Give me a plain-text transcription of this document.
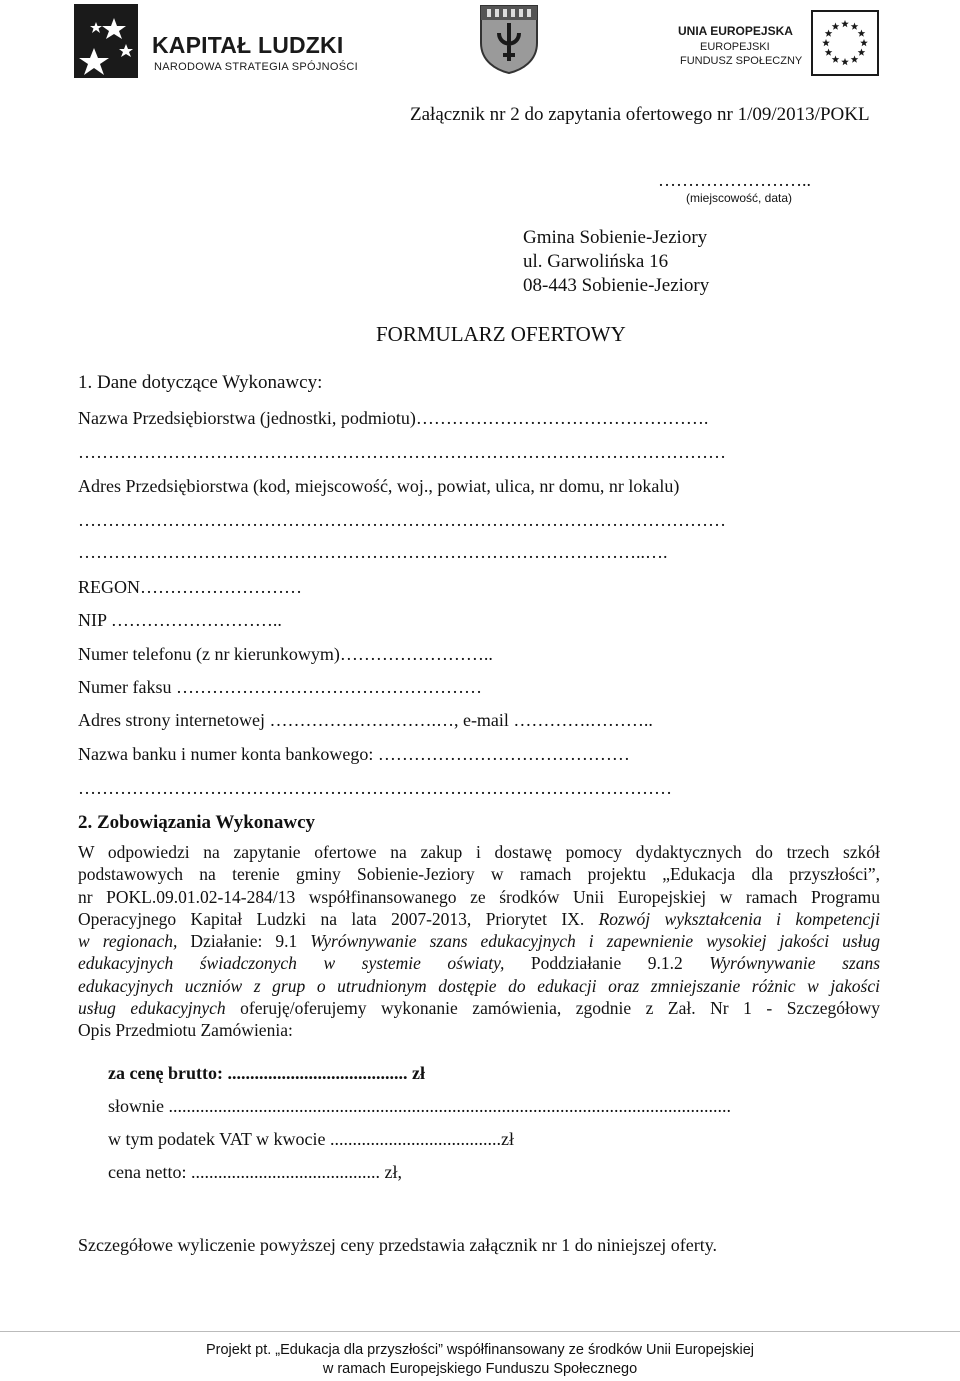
KAPITAŁ LUDZKI
NARODOWA STRATEGIA SPÓJNOŚCI
UNIA EUROPEJSKA
EUROPEJSKI
FUNDUSZ SPOŁECZNY
Załącznik nr 2 do zapytania ofertowego nr 1/09/2013/POKL
……………………..
(miejscowość, data)
Gmina Sobienie-Jeziory
ul. Garwolińska 16
08-443 Sobienie-Jeziory
FORMULARZ OFERTOWY
1. Dane dotyczące Wykonawcy:
Nazwa Przedsiębiorstwa (jednostki, podmiotu)………………………………………….
………………………………………………………………………………………………
Adres Przedsiębiorstwa (kod, miejscowość, woj., powiat, ulica, nr domu, nr lokalu)
………………………………………………………………………………………………
…………………………………………………………………………………..….
REGON………………………
NIP ………………………..
Numer telefonu (z nr kierunkowym)……………………..
Numer faksu ……………………………………………
Adres strony internetowej ……………………….…, e-mail ………….………..
Nazwa banku i numer konta bankowego: ……………………………………
………………………………………………………………………………………
2. Zobowiązania Wykonawcy
W odpowiedzi na zapytanie ofertowe na zakup i dostawę pomocy dydaktycznych do trzech szkół
podstawowych na terenie gminy Sobienie-Jeziory w ramach projektu „Edukacja dla przyszłości”,
nr POKL.09.01.02-14-284/13 współfinansowanego ze środków Unii Europejskiej w ramach Programu
Operacyjnego Kapitał Ludzki na lata 2007-2013, Priorytet IX. Rozwój wykształcenia i kompetencji
w regionach, Działanie: 9.1 Wyrównywanie szans edukacyjnych i zapewnienie wysokiej jakości usług
edukacyjnych świadczonych w systemie oświaty, Poddziałanie 9.1.2 Wyrównywanie szans
edukacyjnych uczniów z grup o utrudnionym dostępie do edukacji oraz zmniejszanie różnic w jakości
usług edukacyjnych oferuję/oferujemy wykonanie zamówienia, zgodnie z Zał. Nr 1 - Szczegółowy
Opis Przedmiotu Zamówienia:
za cenę brutto: ........................................ zł
słownie .............................................................................................................................
w tym podatek VAT w kwocie ......................................zł
cena netto: .......................................... zł,
Szczegółowe wyliczenie powyższej ceny przedstawia załącznik nr 1 do niniejszej oferty.
Projekt pt. „Edukacja dla przyszłości” współfinansowany ze środków Unii Europejskiej
w ramach Europejskiego Funduszu Społecznego
